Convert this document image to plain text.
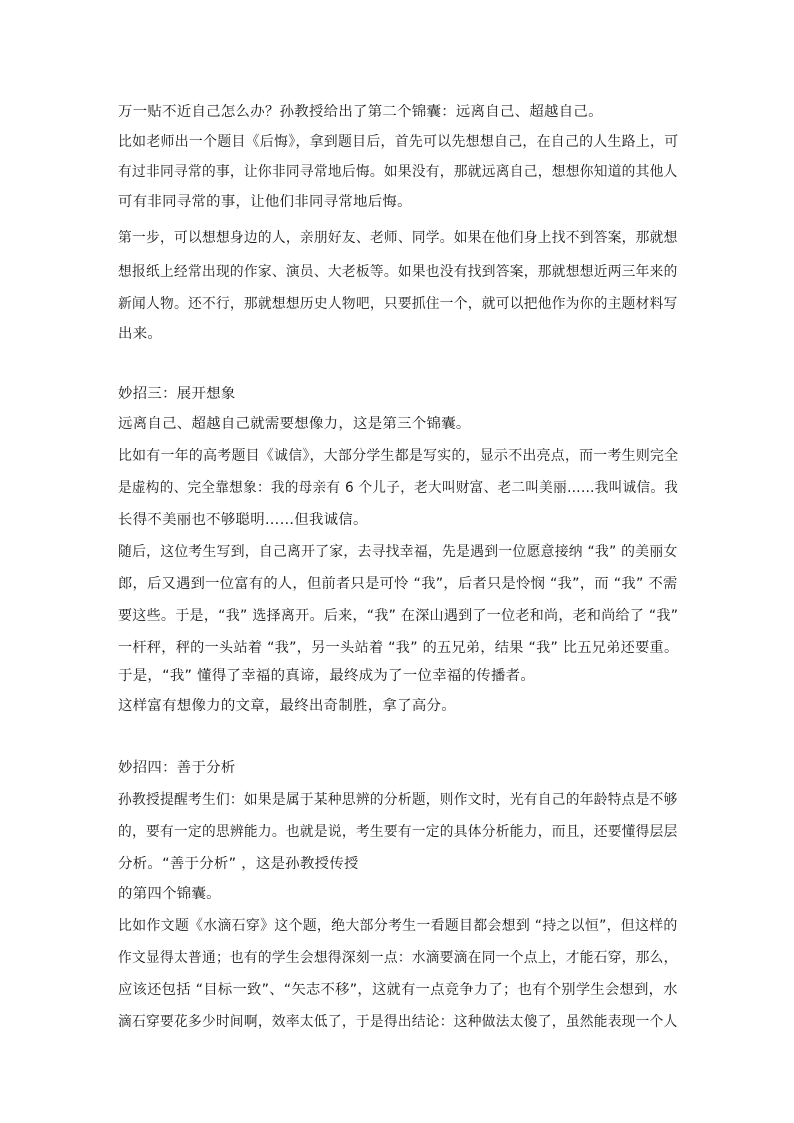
万一贴不近自己怎么办？孙教授给出了第二个锦囊：远离自己、超越自己。

比如老师出一个题目《后悔》，拿到题目后，首先可以先想想自己，在自己的人生路上，可

有过非同寻常的事，让你非同寻常地后悔。如果没有，那就远离自己，想想你知道的其他人

可有非同寻常的事，让他们非同寻常地后悔。

第一步，可以想想身边的人，亲朋好友、老师、同学。如果在他们身上找不到答案，那就想

想报纸上经常出现的作家、演员、大老板等。如果也没有找到答案，那就想想近两三年来的

新闻人物。还不行，那就想想历史人物吧，只要抓住一个，就可以把他作为你的主题材料写

出来。

妙招三：展开想象

远离自己、超越自己就需要想像力，这是第三个锦囊。

比如有一年的高考题目《诚信》，大部分学生都是写实的，显示不出亮点，而一考生则完全

是虚构的、完全靠想象：我的母亲有 6 个儿子，老大叫财富、老二叫美丽……我叫诚信。我

长得不美丽也不够聪明……但我诚信。

随后，这位考生写到，自己离开了家，去寻找幸福，先是遇到一位愿意接纳 “我” 的美丽女

郎，后又遇到一位富有的人，但前者只是可怜 “我”，后者只是怜悯 “我”，而 “我” 不需

要这些。于是，“我” 选择离开。后来，“我” 在深山遇到了一位老和尚，老和尚给了 “我”

一杆秤，秤的一头站着 “我”，另一头站着 “我” 的五兄弟，结果 “我” 比五兄弟还要重。

于是，“我” 懂得了幸福的真谛，最终成为了一位幸福的传播者。

这样富有想像力的文章，最终出奇制胜，拿了高分。

妙招四：善于分析

孙教授提醒考生们：如果是属于某种思辨的分析题，则作文时，光有自己的年龄特点是不够

的，要有一定的思辨能力。也就是说，考生要有一定的具体分析能力，而且，还要懂得层层

分析。“善于分析” ，这是孙教授传授

的第四个锦囊。

比如作文题《水滴石穿》这个题，绝大部分考生一看题目都会想到 “持之以恒”，但这样的

作文显得太普通；也有的学生会想得深刻一点：水滴要滴在同一个点上，才能石穿，那么，

应该还包括 “目标一致”、“矢志不移”，这就有一点竞争力了；也有个别学生会想到，水

滴石穿要花多少时间啊，效率太低了，于是得出结论：这种做法太傻了，虽然能表现一个人
